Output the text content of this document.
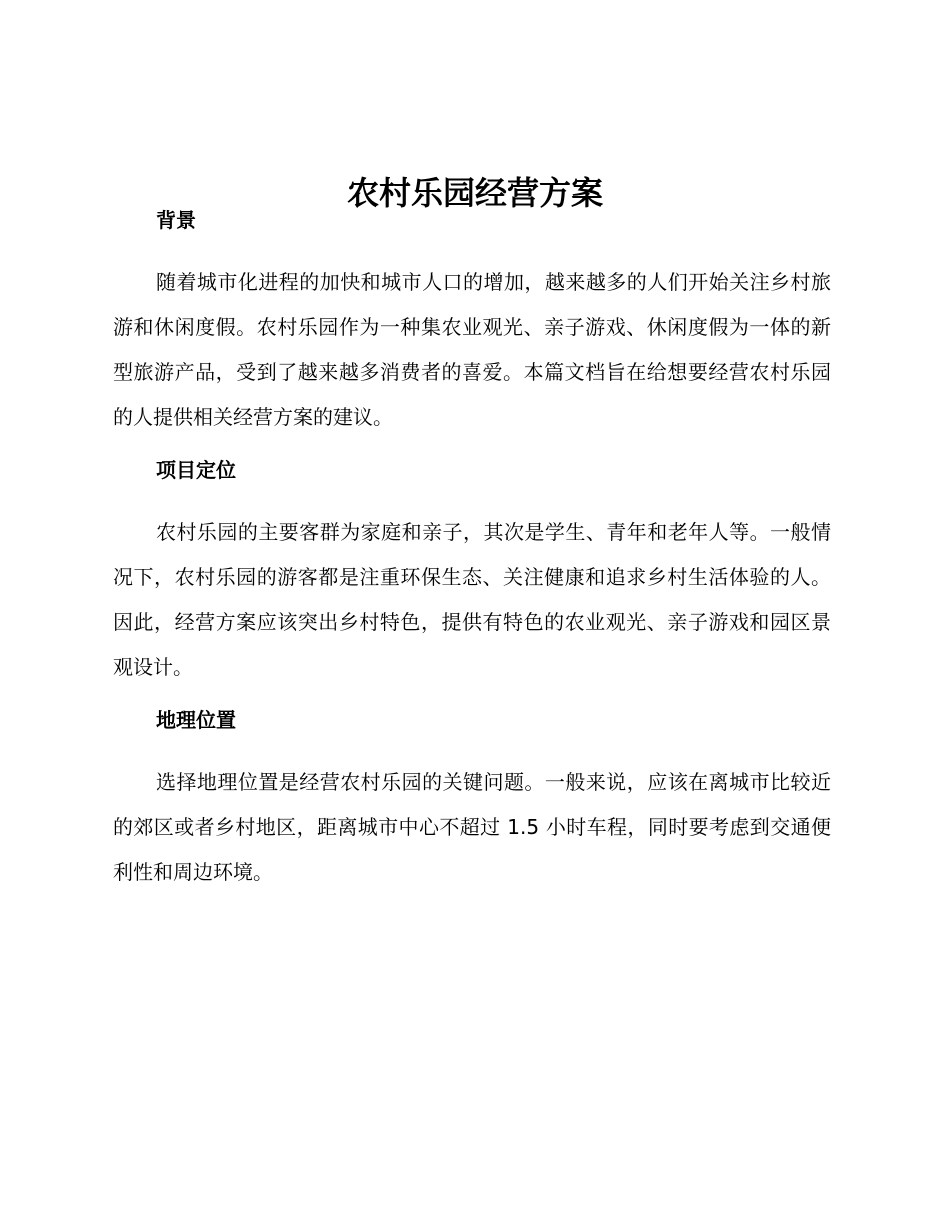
农村乐园经营方案
背景

随着城市化进程的加快和城市人口的增加，越来越多的人们开始关注乡村旅游和休闲度假。农村乐园作为一种集农业观光、亲子游戏、休闲度假为一体的新型旅游产品，受到了越来越多消费者的喜爱。本篇文档旨在给想要经营农村乐园的人提供相关经营方案的建议。

项目定位

农村乐园的主要客群为家庭和亲子，其次是学生、青年和老年人等。一般情况下，农村乐园的游客都是注重环保生态、关注健康和追求乡村生活体验的人。因此，经营方案应该突出乡村特色，提供有特色的农业观光、亲子游戏和园区景观设计。

地理位置

选择地理位置是经营农村乐园的关键问题。一般来说，应该在离城市比较近的郊区或者乡村地区，距离城市中心不超过 1.5 小时车程，同时要考虑到交通便利性和周边环境。
